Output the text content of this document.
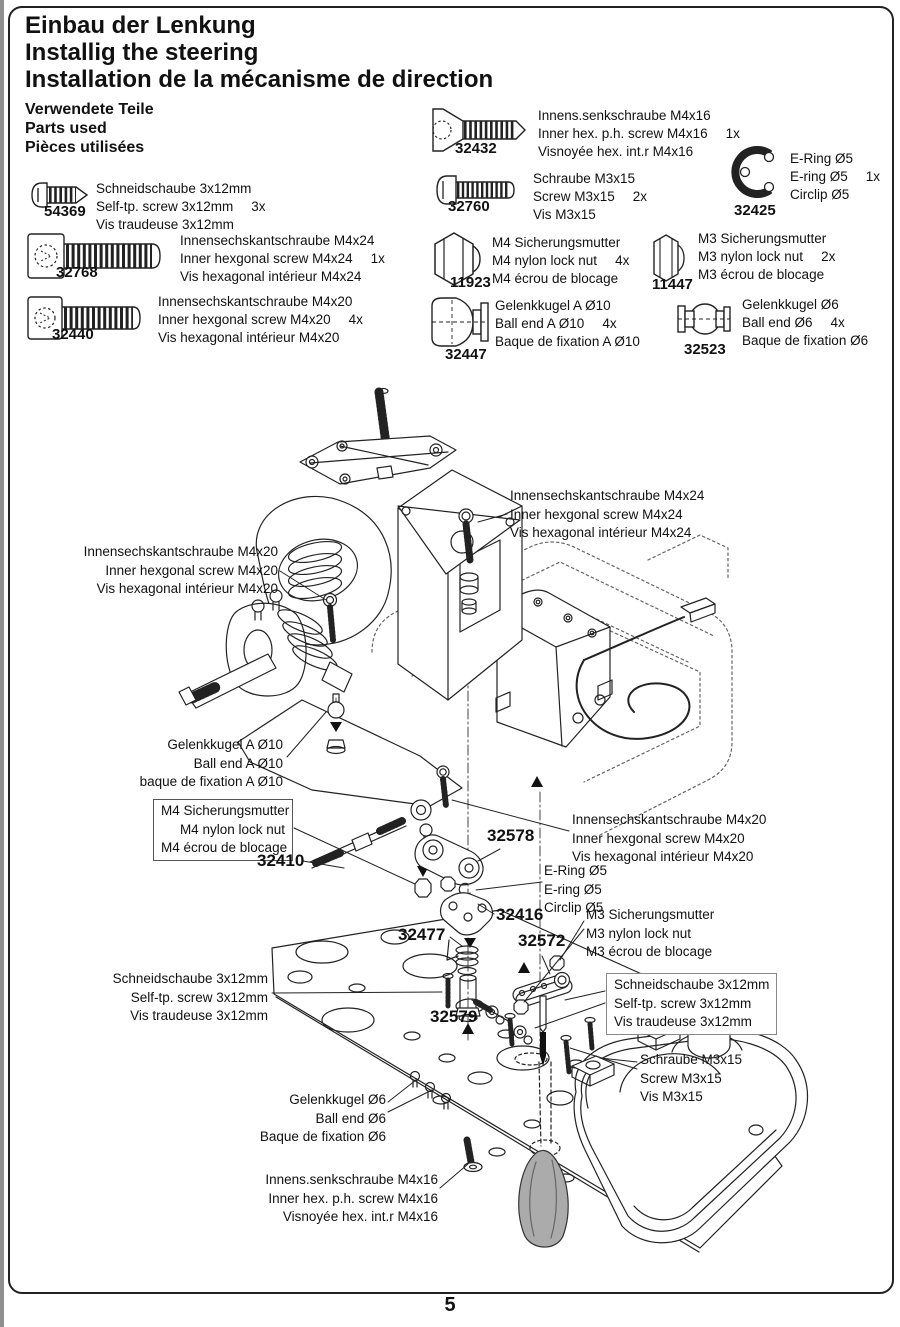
Einbau der Lenkung
Installig the steering
Installation de la mécanisme de direction
Verwendete Teile
Parts used
Pièces utilisées
54369
Schneidschaube 3x12mm
Self-tp. screw 3x12mm 3x
Vis traudeuse 3x12mm
32768
Innensechskantschraube M4x24
Inner hexgonal screw M4x24 1x
Vis hexagonal intérieur M4x24
32440
Innensechskantschraube M4x20
Inner hexgonal screw M4x20 4x
Vis hexagonal intérieur M4x20
32432
Innens.senkschraube M4x16
Inner hex. p.h. screw M4x16 1x
Visnoyée hex. int.r M4x16
32760
Schraube M3x15
Screw M3x15 2x
Vis M3x15
11923
M4 Sicherungsmutter
M4 nylon lock nut 4x
M4 écrou de blocage
32447
Gelenkkugel A Ø10
Ball end A Ø10 4x
Baque de fixation A Ø10
32425
E-Ring Ø5
E-ring Ø5 1x
Circlip Ø5
11447
M3 Sicherungsmutter
M3 nylon lock nut 2x
M3 écrou de blocage
32523
Gelenkkugel Ø6
Ball end Ø6 4x
Baque de fixation Ø6
Innensechskantschraube M4x24
Inner hexgonal screw M4x24
Vis hexagonal intérieur M4x24
Innensechskantschraube M4x20
Inner hexgonal screw M4x20
Vis hexagonal intérieur M4x20
Gelenkkugel A Ø10
Ball end A Ø10
baque de fixation A Ø10
M4 Sicherungsmutter
M4 nylon lock nut
M4 écrou de blocage
32410
32578
Innensechskantschraube M4x20
Inner hexgonal screw M4x20
Vis hexagonal intérieur M4x20
E-Ring Ø5
E-ring Ø5
Circlip Ø5
32416	M3 Sicherungsmutter
M3 nylon lock nut
M3 écrou de blocage
32477	32572
Schneidschaube 3x12mm
Self-tp. screw 3x12mm
Vis traudeuse 3x12mm	32579
Schneidschaube 3x12mm
Self-tp. screw 3x12mm
Vis traudeuse 3x12mm
Schraube M3x15
Screw M3x15
Vis M3x15
Gelenkkugel Ø6
Ball end Ø6
Baque de fixation Ø6
Innens.senkschraube M4x16
Inner hex. p.h. screw M4x16
Visnoyée hex. int.r M4x16
5
